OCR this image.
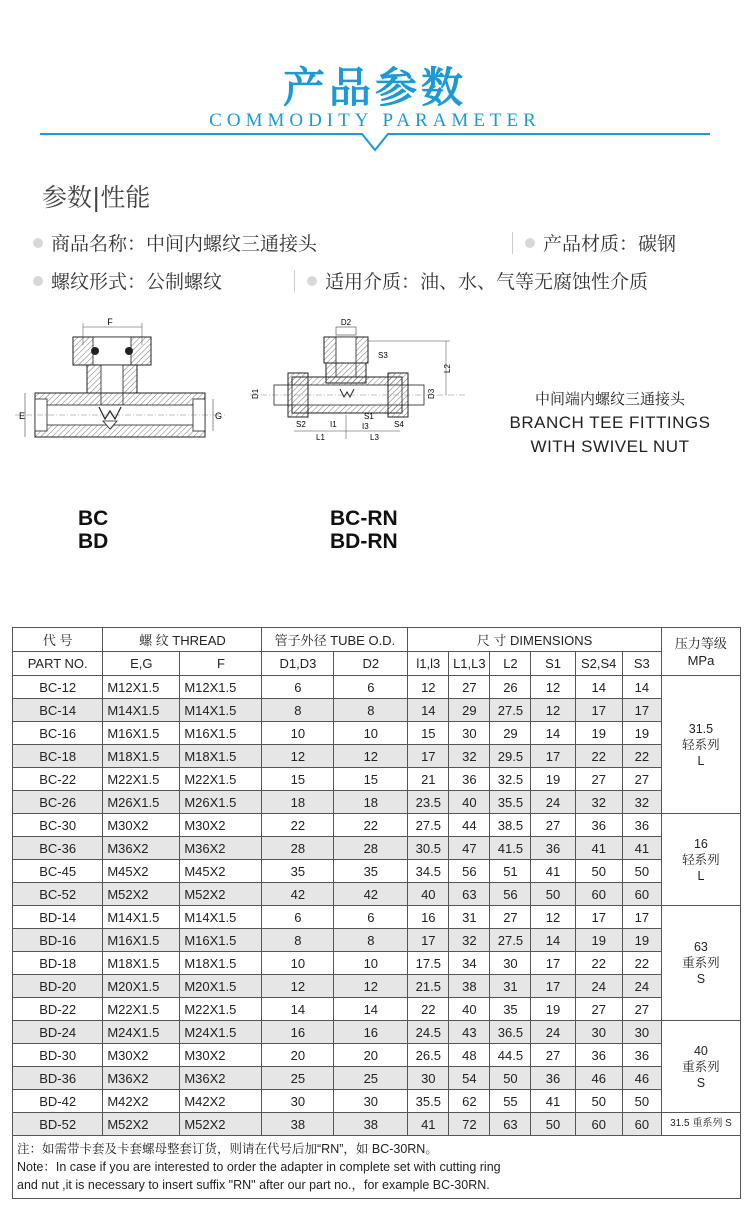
产品参数
COMMODITY PARAMETER
参数|性能
商品名称：中间内螺纹三通接头	产品材质：碳钢
螺纹形式：公制螺纹	适用介质：油、水、气等无腐蚀性介质
F
E	G
D2
S3
L2
D1	D3
S1
S2	S4
I1	I3
L1	L3
中间端内螺纹三通接头
BRANCH TEE FITTINGS
WITH SWIVEL NUT
BC
BD
BC-RN
BD-RN
代 号	螺 纹 THREAD		管子外径 TUBE O.D.		尺 寸 DIMENSIONS						压力等级 MPa
PART NO.	E,G	F	D1,D3	D2	l1,l3	L1,L3	L2	S1	S2,S4	S3	
BC-12	M12X1.5	M12X1.5	6	6	12	27	26	12	14	14	31.5
轻系列
L

BC-14	M14X1.5	M14X1.5	8	8	14	29	27.5	12	17	17	
BC-16	M16X1.5	M16X1.5	10	10	15	30	29	14	19	19	
BC-18	M18X1.5	M18X1.5	12	12	17	32	29.5	17	22	22	
BC-22	M22X1.5	M22X1.5	15	15	21	36	32.5	19	27	27	
BC-26	M26X1.5	M26X1.5	18	18	23.5	40	35.5	24	32	32	
BC-30	M30X2	M30X2	22	22	27.5	44	38.5	27	36	36	16
轻系列
L

BC-36	M36X2	M36X2	28	28	30.5	47	41.5	36	41	41	
BC-45	M45X2	M45X2	35	35	34.5	56	51	41	50	50	
BC-52	M52X2	M52X2	42	42	40	63	56	50	60	60	
BD-14	M14X1.5	M14X1.5	6	6	16	31	27	12	17	17	63
重系列
S

BD-16	M16X1.5	M16X1.5	8	8	17	32	27.5	14	19	19	
BD-18	M18X1.5	M18X1.5	10	10	17.5	34	30	17	22	22	
BD-20	M20X1.5	M20X1.5	12	12	21.5	38	31	17	24	24	
BD-22	M22X1.5	M22X1.5	14	14	22	40	35	19	27	27	
BD-24	M24X1.5	M24X1.5	16	16	24.5	43	36.5	24	30	30	40
重系列
S

BD-30	M30X2	M30X2	20	20	26.5	48	44.5	27	36	36	
BD-36	M36X2	M36X2	25	25	30	54	50	36	46	46	
BD-42	M42X2	M42X2	30	30	35.5	62	55	41	50	50	
BD-52	M52X2	M52X2	38	38	41	72	63	50	60	60	31.5 重系列 S

注：如需带卡套及卡套螺母整套订货，则请在代号后加“RN”，如 BC-30RN。
Note：In case if you are interested to order the adapter in complete set with cutting ring
and nut ,it is necessary to insert suffix "RN" after our part no.，for example BC-30RN.											
